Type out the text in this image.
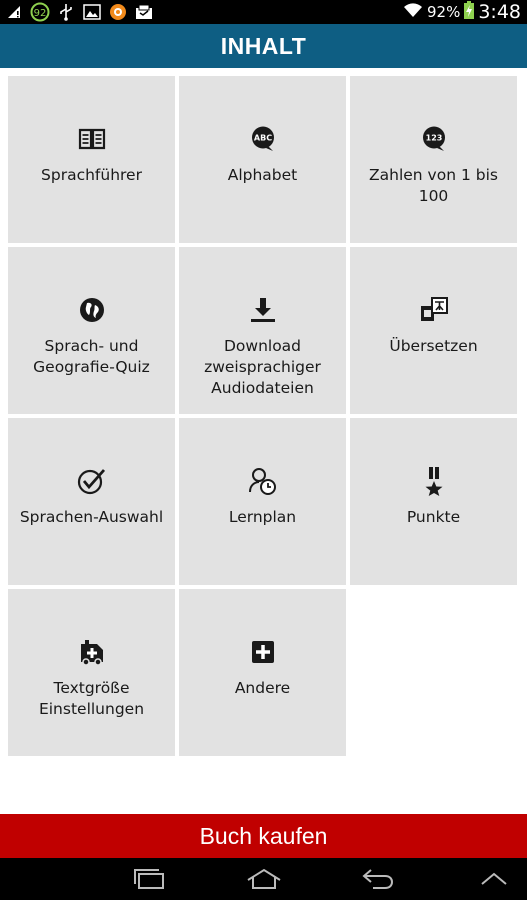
92	92% 3:48
INHALT
Sprachführer
ABC
Alphabet
123
Zahlen von 1 bis 100
Sprach- und Geografie-Quiz
Download zweisprachiger Audiodateien
Übersetzen
Sprachen-Auswahl	Lernplan	Punkte
Textgröße Einstellungen
Andere
Buch kaufen
